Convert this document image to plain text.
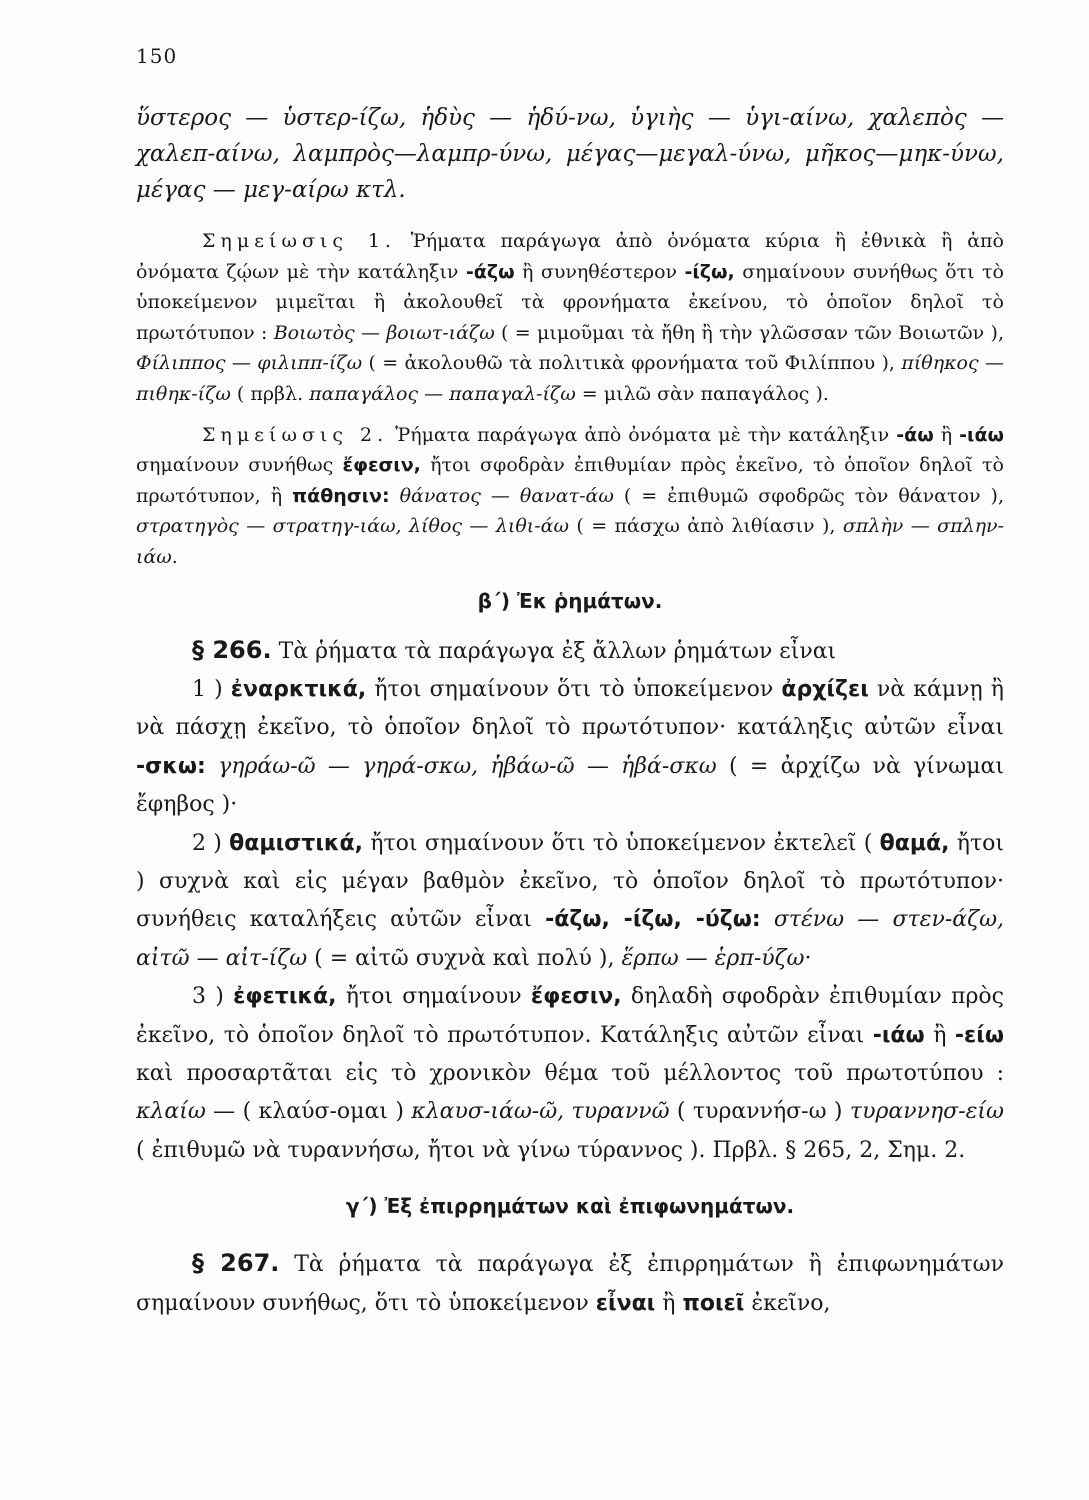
150

ὕστερος — ὑστερ-ίζω, ἡδὺς — ἡδύ-νω, ὑγιὴς — ὑγι-αίνω, χαλεπὸς — χαλεπ-αίνω, λαμπρὸς—λαμπρ-ύνω, μέγας—μεγαλ-ύνω, μῆκος—μηκ-ύνω, μέγας — μεγ-αίρω κτλ.

Σημείωσις 1. Ῥήματα παράγωγα ἀπὸ ὀνόματα κύρια ἢ ἐθνικὰ ἢ ἀπὸ ὀνόματα ζῴων μὲ τὴν κατάληξιν -άζω ἢ συνηθέστερον -ίζω, σημαίνουν συνήθως ὅτι τὸ ὑποκείμενον μιμεῖται ἢ ἀκολουθεῖ τὰ φρονήματα ἐκείνου, τὸ ὁποῖον δηλοῖ τὸ πρωτότυπον : Βοιωτὸς — βοιωτ-ιάζω ( = μιμοῦμαι τὰ ἤθη ἢ τὴν γλῶσσαν τῶν Βοιωτῶν ), Φίλιππος — φιλιππ-ίζω ( = ἀκολουθῶ τὰ πολιτικὰ φρονήματα τοῦ Φιλίππου ), πίθηκος — πιθηκ-ίζω ( πρβλ. παπαγάλος — παπαγαλ-ίζω = μιλῶ σὰν παπαγάλος ).

Σημείωσις 2. Ῥήματα παράγωγα ἀπὸ ὀνόματα μὲ τὴν κατάληξιν -άω ἢ -ιάω σημαίνουν συνήθως ἔφεσιν, ἤτοι σφοδρὰν ἐπιθυμίαν πρὸς ἐκεῖνο, τὸ ὁποῖον δηλοῖ τὸ πρωτότυπον, ἢ πάθησιν: θάνατος — θανατ-άω ( = ἐπιθυμῶ σφοδρῶς τὸν θάνατον ), στρατηγὸς — στρατηγ-ιάω, λίθος — λιθι-άω ( = πάσχω ἀπὸ λιθίασιν ), σπλὴν — σπλην-ιάω.

β΄) Ἐκ ῥημάτων.

§ 266. Τὰ ῥήματα τὰ παράγωγα ἐξ ἄλλων ῥημάτων εἶναι

1 ) ἐναρκτικά, ἤτοι σημαίνουν ὅτι τὸ ὑποκείμενον ἀρχίζει νὰ κάμνῃ ἢ νὰ πάσχῃ ἐκεῖνο, τὸ ὁποῖον δηλοῖ τὸ πρωτότυπον· κατάληξις αὐτῶν εἶναι -σκω: γηράω-ῶ — γηρά-σκω, ἡβάω-ῶ — ἡβά-σκω ( = ἀρχίζω νὰ γίνωμαι ἔφηβος )·

2 ) θαμιστικά, ἤτοι σημαίνουν ὅτι τὸ ὑποκείμενον ἐκτελεῖ ( θαμά, ἤτοι ) συχνὰ καὶ εἰς μέγαν βαθμὸν ἐκεῖνο, τὸ ὁποῖον δηλοῖ τὸ πρωτότυπον· συνήθεις καταλήξεις αὐτῶν εἶναι -άζω, -ίζω, -ύζω: στένω — στεν-άζω, αἰτῶ — αἰτ-ίζω ( = αἰτῶ συχνὰ καὶ πολύ ), ἕρπω — ἑρπ-ύζω·

3 ) ἐφετικά, ἤτοι σημαίνουν ἔφεσιν, δηλαδὴ σφοδρὰν ἐπιθυμίαν πρὸς ἐκεῖνο, τὸ ὁποῖον δηλοῖ τὸ πρωτότυπον. Κατάληξις αὐτῶν εἶναι -ιάω ἢ -είω καὶ προσαρτᾶται εἰς τὸ χρονικὸν θέμα τοῦ μέλλοντος τοῦ πρωτοτύπου : κλαίω — ( κλαύσ-ομαι ) κλαυσ-ιάω-ῶ, τυραννῶ ( τυραννήσ-ω ) τυραννησ-είω ( ἐπιθυμῶ νὰ τυραννήσω, ἤτοι νὰ γίνω τύραννος ). Πρβλ. § 265, 2, Σημ. 2.

γ΄) Ἐξ ἐπιρρημάτων καὶ ἐπιφωνημάτων.

§ 267. Τὰ ῥήματα τὰ παράγωγα ἐξ ἐπιρρημάτων ἢ ἐπιφωνημάτων σημαίνουν συνήθως, ὅτι τὸ ὑποκείμενον εἶναι ἢ ποιεῖ ἐκεῖνο,
